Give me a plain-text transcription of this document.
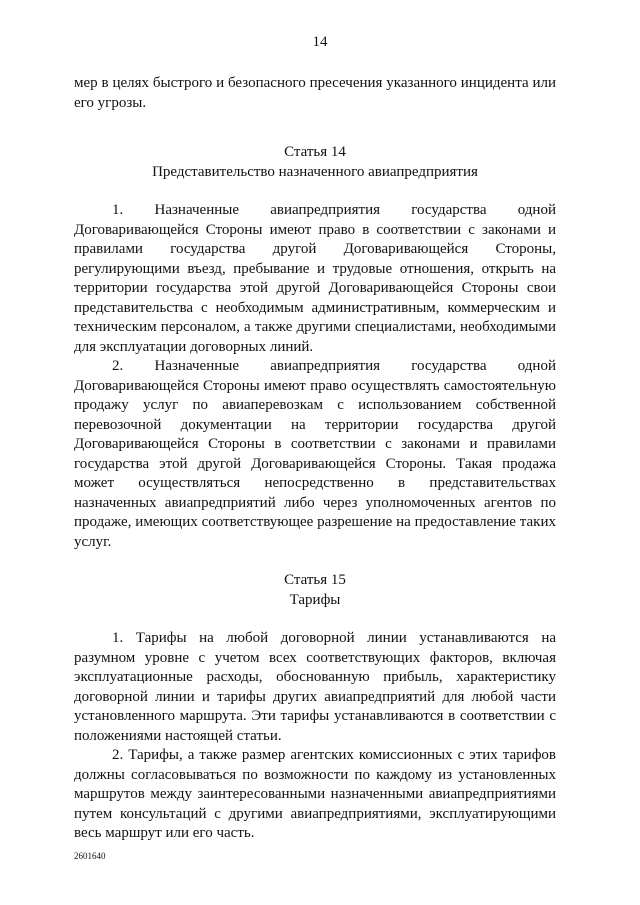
14

мер в целях быстрого и безопасного пресечения указанного инцидента или его угрозы.

Статья 14
Представительство назначенного авиапредприятия

1. Назначенные авиапредприятия государства одной Договаривающейся Стороны имеют право в соответствии с законами и правилами государства другой Договаривающейся Стороны, регулирующими въезд, пребывание и трудовые отношения, открыть на территории государства этой другой Договаривающейся Стороны свои представительства с необходимым административным, коммерческим и техническим персоналом, а также другими специалистами, необходимыми для эксплуатации договорных линий.

2. Назначенные авиапредприятия государства одной Договаривающейся Стороны имеют право осуществлять самостоятельную продажу услуг по авиаперевозкам с использованием собственной перевозочной документации на территории государства другой Договаривающейся Стороны в соответствии с законами и правилами государства этой другой Договаривающейся Стороны. Такая продажа может осуществляться непосредственно в представительствах назначенных авиапредприятий либо через уполномоченных агентов по продаже, имеющих соответствующее разрешение на предоставление таких услуг.

Статья 15
Тарифы

1. Тарифы на любой договорной линии устанавливаются на разумном уровне с учетом всех соответствующих факторов, включая эксплуатационные расходы, обоснованную прибыль, характеристику договорной линии и тарифы других авиапредприятий для любой части установленного маршрута. Эти тарифы устанавливаются в соответствии с положениями настоящей статьи.

2. Тарифы, а также размер агентских комиссионных с этих тарифов должны согласовываться по возможности по каждому из установленных маршрутов между заинтересованными назначенными авиапредприятиями путем консультаций с другими авиапредприятиями, эксплуатирующими весь маршрут или его часть.

2601640
